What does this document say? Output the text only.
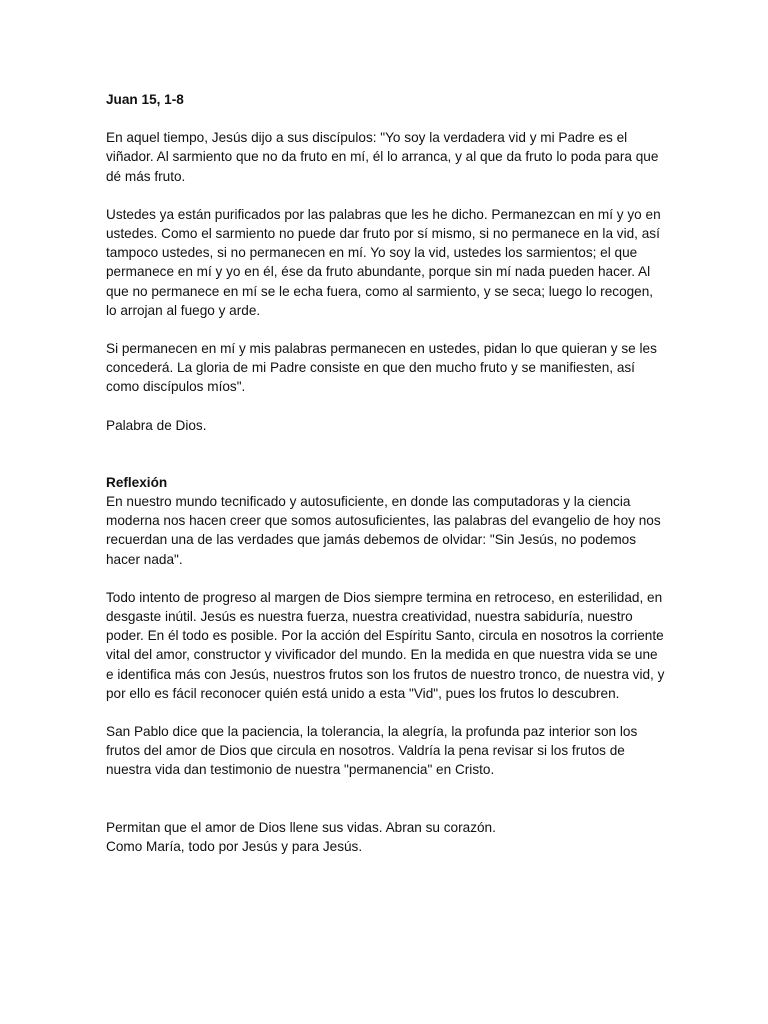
Juan 15, 1-8

En aquel tiempo, Jesús dijo a sus discípulos: "Yo soy la verdadera vid y mi Padre es el viñador. Al sarmiento que no da fruto en mí, él lo arranca, y al que da fruto lo poda para que dé más fruto.

Ustedes ya están purificados por las palabras que les he dicho. Permanezcan en mí y yo en ustedes. Como el sarmiento no puede dar fruto por sí mismo, si no permanece en la vid, así tampoco ustedes, si no permanecen en mí. Yo soy la vid, ustedes los sarmientos; el que permanece en mí y yo en él, ése da fruto abundante, porque sin mí nada pueden hacer. Al que no permanece en mí se le echa fuera, como al sarmiento, y se seca; luego lo recogen, lo arrojan al fuego y arde.

Si permanecen en mí y mis palabras permanecen en ustedes, pidan lo que quieran y se les concederá. La gloria de mi Padre consiste en que den mucho fruto y se manifiesten, así como discípulos míos".

Palabra de Dios.

Reflexión

En nuestro mundo tecnificado y autosuficiente, en donde las computadoras y la ciencia moderna nos hacen creer que somos autosuficientes, las palabras del evangelio de hoy nos recuerdan una de las verdades que jamás debemos de olvidar: "Sin Jesús, no podemos hacer nada".

Todo intento de progreso al margen de Dios siempre termina en retroceso, en esterilidad, en desgaste inútil. Jesús es nuestra fuerza, nuestra creatividad, nuestra sabiduría, nuestro poder. En él todo es posible. Por la acción del Espíritu Santo, circula en nosotros la corriente vital del amor, constructor y vivificador del mundo. En la medida en que nuestra vida se une e identifica más con Jesús, nuestros frutos son los frutos de nuestro tronco, de nuestra vid, y por ello es fácil reconocer quién está unido a esta "Vid", pues los frutos lo descubren.

San Pablo dice que la paciencia, la tolerancia, la alegría, la profunda paz interior son los frutos del amor de Dios que circula en nosotros. Valdría la pena revisar si los frutos de nuestra vida dan testimonio de nuestra "permanencia" en Cristo.

Permitan que el amor de Dios llene sus vidas. Abran su corazón.

Como María, todo por Jesús y para Jesús.
